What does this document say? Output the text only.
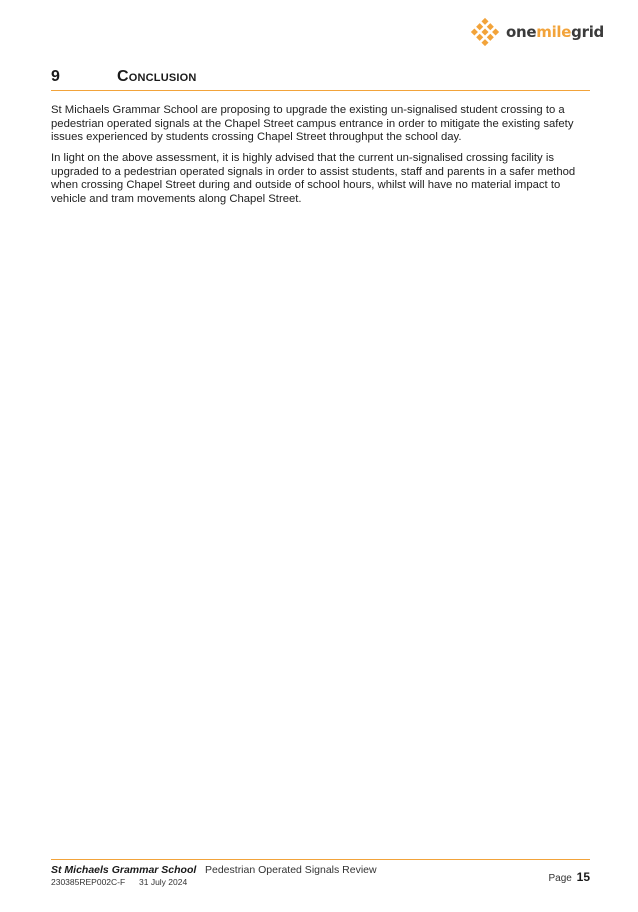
onemilegrid
9	Conclusion

St Michaels Grammar School are proposing to upgrade the existing un-signalised student crossing to a pedestrian operated signals at the Chapel Street campus entrance in order to mitigate the existing safety issues experienced by students crossing Chapel Street throughput the school day.

In light on the above assessment, it is highly advised that the current un-signalised crossing facility is upgraded to a pedestrian operated signals in order to assist students, staff and parents in a safer method when crossing Chapel Street during and outside of school hours, whilst will have no material impact to vehicle and tram movements along Chapel Street.

St Michaels Grammar School Pedestrian Operated Signals Review
230385REP002C-F 31 July 2024	Page 15
